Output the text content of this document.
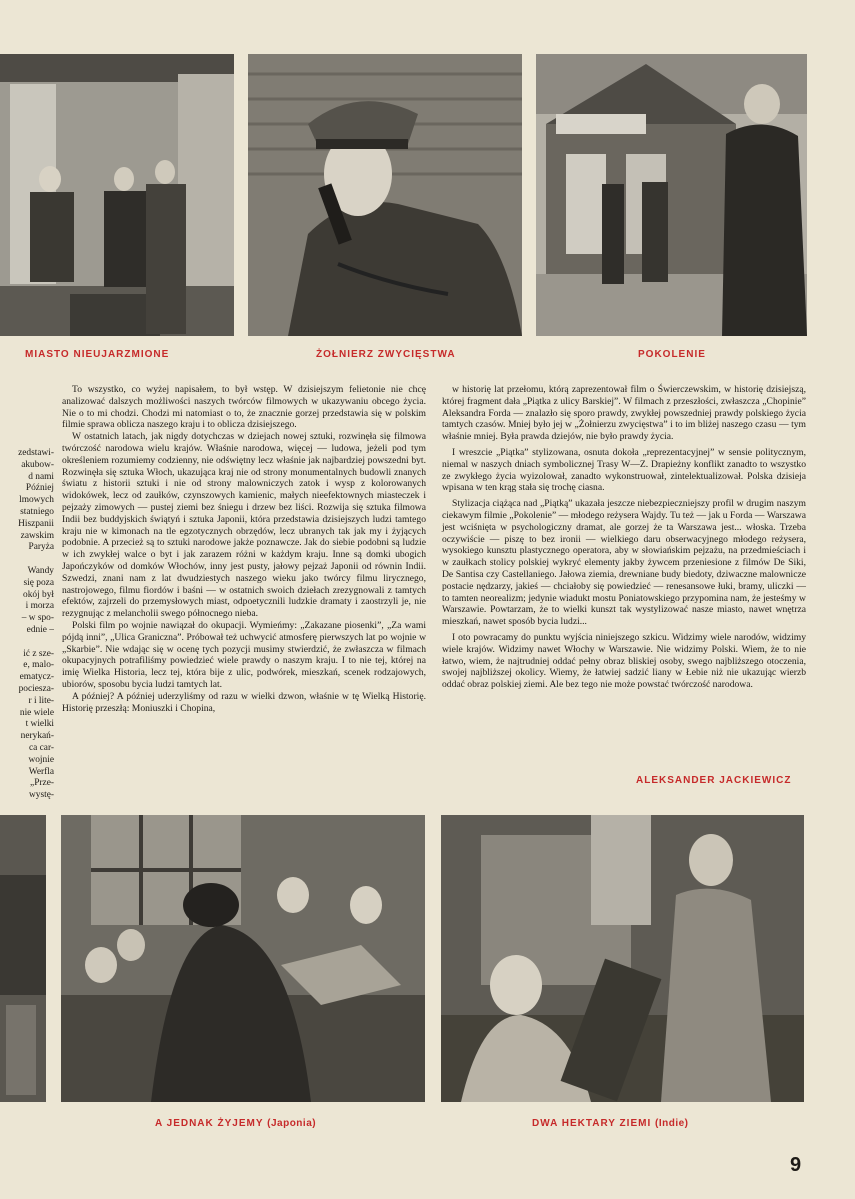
MIASTO NIEUJARZMIONE	ŻOŁNIERZ ZWYCIĘSTWA	POKOLENIE
zedstawi-
akubow-
d nami
Później
lmowych
statniego
Hiszpanii
zawskim
Paryża
Wandy
się poza
okój był
i morza
– w spo-
ednie –
ić z sze-
e, malo-
ematycz-
pociesza-
r i lite-
nie wiele
t wielki
nerykań-
ca car-
wojnie
Werfla
„Prze-
wystę-

To wszystko, co wyżej napisałem, to był wstęp. W dzisiejszym felietonie nie chcę analizować dalszych możliwości naszych twórców filmowych w ukazywaniu obcego życia. Nie o to mi chodzi. Chodzi mi natomiast o to, że znacznie gorzej przedstawia się w polskim filmie sprawa oblicza naszego kraju i to oblicza dzisiejszego.

W ostatnich latach, jak nigdy dotychczas w dziejach nowej sztuki, rozwinęła się filmowa twórczość narodowa wielu krajów. Właśnie narodowa, więcej — ludowa, jeżeli pod tym określeniem rozumiemy codzienny, nie odświętny lecz właśnie jak najbardziej powszedni byt. Rozwinęła się sztuka Włoch, ukazująca kraj nie od strony monumentalnych budowli znanych światu z historii sztuki i nie od strony malowniczych zatok i wysp z kolorowanych widokówek, lecz od zaułków, czynszowych kamienic, małych nieefektownych miasteczek i pejzaży zimowych — pustej ziemi bez śniegu i drzew bez liści. Rozwija się sztuka filmowa Indii bez buddyjskich świątyń i sztuka Japonii, która przedstawia dzisiejszych ludzi tamtego kraju nie w kimonach na tle egzotycznych obrzędów, lecz ubranych tak jak my i żyjących podobnie. A przecież są to sztuki narodowe jakże poznawcze. Jak do siebie podobni są ludzie w ich zwykłej walce o byt i jak zarazem różni w każdym kraju. Inne są domki ubogich Japończyków od domków Włochów, inny jest pusty, jałowy pejzaż Japonii od równin Indii. Szwedzi, znani nam z lat dwudziestych naszego wieku jako twórcy filmu lirycznego, nastrojowego, filmu fiordów i baśni — w ostatnich swoich dziełach zrezygnowali z tamtych efektów, zajrzeli do przemysłowych miast, odpoetycznili ludzkie dramaty i zaostrzyli je, nie rezygnując z melancholii swego północnego nieba.

Polski film po wojnie nawiązał do okupacji. Wymieńmy: „Zakazane piosenki”, „Za wami pójdą inni”, „Ulica Graniczna”. Próbował też uchwycić atmosferę pierwszych lat po wojnie w „Skarbie”. Nie wdając się w ocenę tych pozycji musimy stwierdzić, że zwłaszcza w filmach okupacyjnych potrafiliśmy powiedzieć wiele prawdy o naszym kraju. I to nie tej, której na imię Wielka Historia, lecz tej, która bije z ulic, podwórek, mieszkań, scenek rodzajowych, ubiorów, sposobu bycia ludzi tamtych lat.

A później? A później uderzyliśmy od razu w wielki dzwon, właśnie w tę Wielką Historię. Historię przeszłą: Moniuszki i Chopina,

w historię lat przełomu, którą zaprezentował film o Świerczewskim, w historię dzisiejszą, której fragment dała „Piątka z ulicy Barskiej”. W filmach z przeszłości, zwłaszcza „Chopinie” Aleksandra Forda — znalazło się sporo prawdy, zwykłej powszedniej prawdy polskiego życia tamtych czasów. Mniej było jej w „Żołnierzu zwycięstwa” i to im bliżej naszego czasu — tym właśnie mniej. Była prawda dziejów, nie było prawdy życia.

I wreszcie „Piątka” stylizowana, osnuta dokoła „reprezentacyjnej” w sensie politycznym, niemal w naszych dniach symbolicznej Trasy W—Z. Drapieżny konflikt zanadto to wszystko ze zwykłego życia wyizolował, zanadto wykonstruował, zintelektualizował. Polska dzisieja wpisana w ten krąg stała się trochę ciasna.

Stylizacja ciążąca nad „Piątką” ukazała jeszcze niebezpieczniejszy profil w drugim naszym ciekawym filmie „Pokolenie” — młodego reżysera Wajdy. Tu też — jak u Forda — Warszawa jest wciśnięta w psychologiczny dramat, ale gorzej że ta Warszawa jest... włoska. Trzeba oczywiście — piszę to bez ironii — wielkiego daru obserwacyjnego młodego reżysera, wysokiego kunsztu plastycznego operatora, aby w słowiańskim pejzażu, na przedmieściach i w zaułkach stolicy polskiej wykryć elementy jakby żywcem przeniesione z filmów De Siki, De Santisa czy Castellaniego. Jałowa ziemia, drewniane budy biedoty, dziwaczne malownicze postacie nędzarzy, jakieś — chciałoby się powiedzieć — renesansowe łuki, bramy, uliczki — to tamten neorealizm; jedynie wiadukt mostu Poniatowskiego przypomina nam, że jesteśmy w Warszawie. Powtarzam, że to wielki kunszt tak wystylizować nasze miasto, nawet wnętrza mieszkań, nawet sposób bycia ludzi...

I oto powracamy do punktu wyjścia niniejszego szkicu. Widzimy wiele narodów, widzimy wiele krajów. Widzimy nawet Włochy w Warszawie. Nie widzimy Polski. Wiem, że to nie łatwo, wiem, że najtrudniej oddać pełny obraz bliskiej osoby, swego najbliższego otoczenia, swojej najbliższej okolicy. Wiemy, że łatwiej sadzić liany w Łebie niż nie ukazując wierzb oddać obraz polskiej ziemi. Ale bez tego nie może powstać twórczość narodowa.

ALEKSANDER JACKIEWICZ
A JEDNAK ŻYJEMY (Japonia)	DWA HEKTARY ZIEMI (Indie)
9
